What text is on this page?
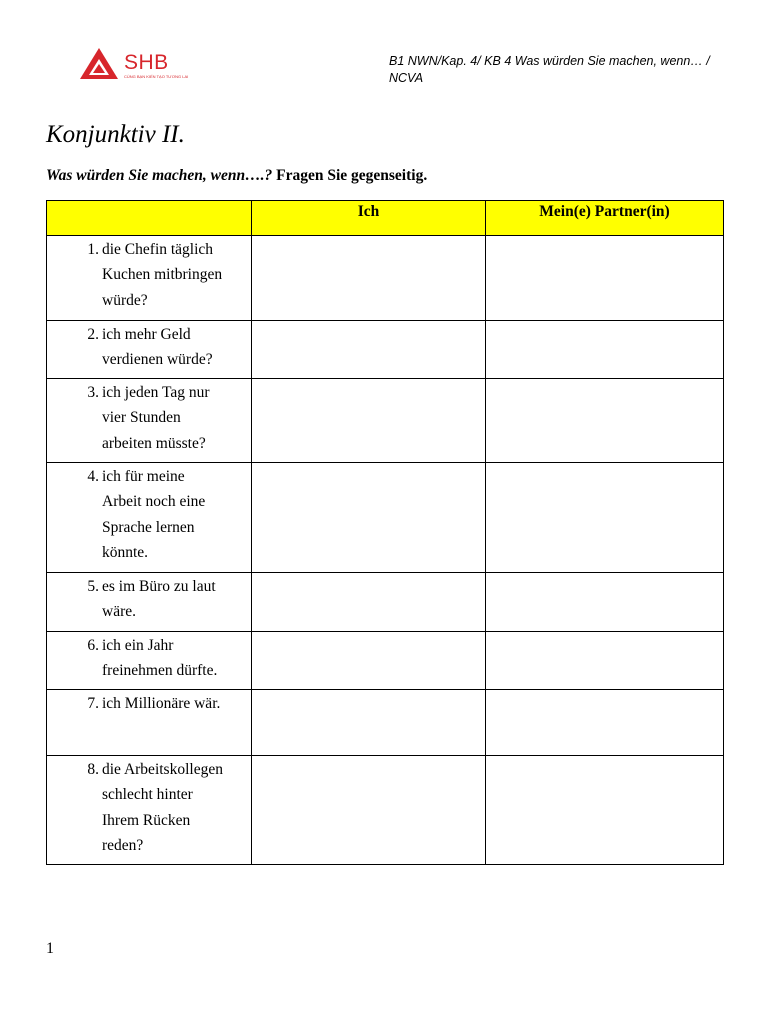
SHB
CÙNG BẠN KIẾN TẠO TƯƠNG LAI
B1 NWN/Kap. 4/ KB 4 Was würden Sie machen, wenn… /
NCVA
Konjunktiv II.
Was würden Sie machen, wenn….? Fragen Sie gegenseitig.
	Ich	Mein(e) Partner(in)

1. die Chefin täglich
Kuchen mitbringen
würde?		

2. ich mehr Geld
verdienen würde?		

3. ich jeden Tag nur
vier Stunden
arbeiten müsste?		

4. ich für meine
Arbeit noch eine
Sprache lernen
könnte.		

5. es im Büro zu laut
wäre.		

6. ich ein Jahr
freinehmen dürfte.		

7. ich Millionäre wär.		

8. die Arbeitskollegen
schlecht hinter
Ihrem Rücken
reden?		

1
